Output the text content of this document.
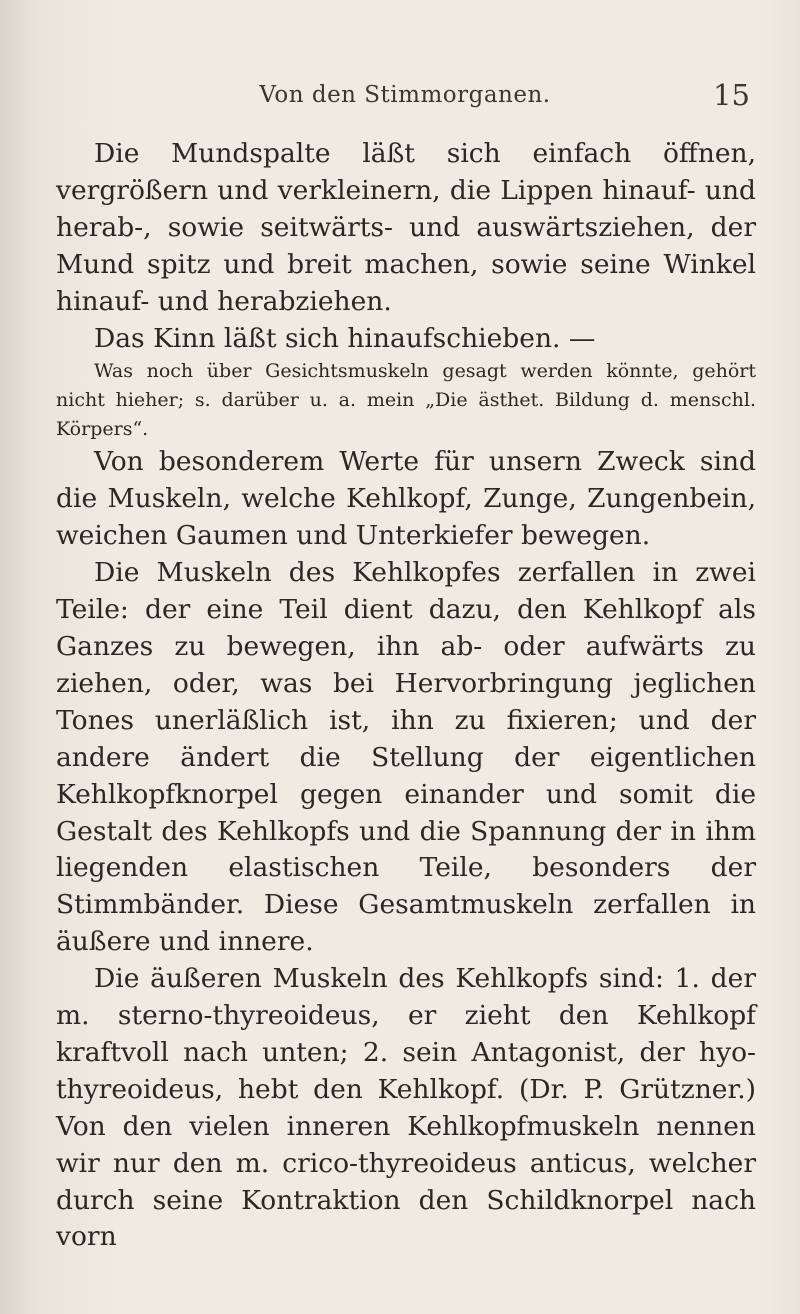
Von den Stimmorganen.	15

Die Mundspalte läßt sich einfach öffnen, vergrößern und verkleinern, die Lippen hinauf- und herab-, sowie seitwärts- und auswärtsziehen, der Mund spitz und breit machen, sowie seine Winkel hinauf- und herabziehen.

Das Kinn läßt sich hinaufschieben. —

Was noch über Gesichtsmuskeln gesagt werden könnte, gehört nicht hieher; s. darüber u. a. mein „Die ästhet. Bildung d. menschl. Körpers“.

Von besonderem Werte für unsern Zweck sind die Muskeln, welche Kehlkopf, Zunge, Zungenbein, weichen Gaumen und Unterkiefer bewegen.

Die Muskeln des Kehlkopfes zerfallen in zwei Teile: der eine Teil dient dazu, den Kehlkopf als Ganzes zu bewegen, ihn ab- oder aufwärts zu ziehen, oder, was bei Hervorbringung jeglichen Tones unerläßlich ist, ihn zu fixieren; und der andere ändert die Stellung der eigentlichen Kehlkopfknorpel gegen einander und somit die Gestalt des Kehlkopfs und die Spannung der in ihm liegenden elastischen Teile, besonders der Stimmbänder. Diese Gesamtmuskeln zerfallen in äußere und innere.

Die äußeren Muskeln des Kehlkopfs sind: 1. der m. sterno-thyreoideus, er zieht den Kehlkopf kraftvoll nach unten; 2. sein Antagonist, der hyo-thyreoideus, hebt den Kehlkopf. (Dr. P. Grützner.) Von den vielen inneren Kehlkopfmuskeln nennen wir nur den m. crico-thyreoideus anticus, welcher durch seine Kontraktion den Schildknorpel nach vorn
